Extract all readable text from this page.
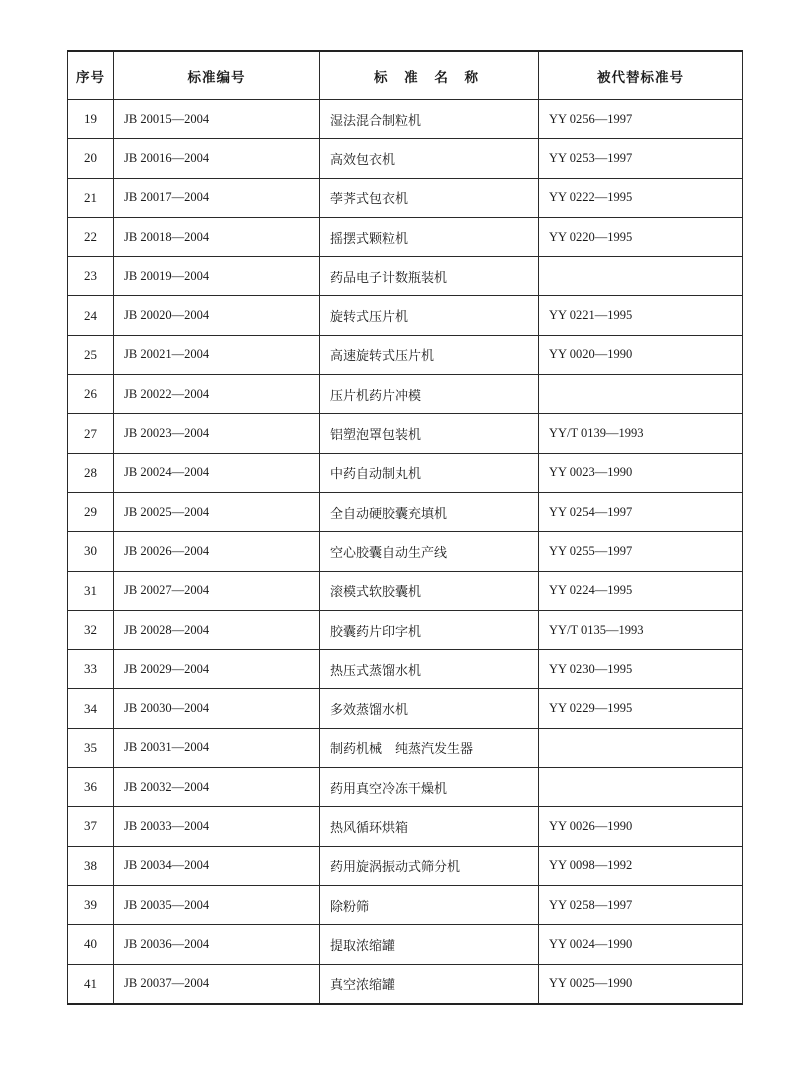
序号	标准编号	标 准 名 称	被代替标准号
19	JB 20015—2004	湿法混合制粒机	YY 0256—1997
20	JB 20016—2004	高效包衣机	YY 0253—1997
21	JB 20017—2004	荸荠式包衣机	YY 0222—1995
22	JB 20018—2004	摇摆式颗粒机	YY 0220—1995
23	JB 20019—2004	药品电子计数瓶装机	
24	JB 20020—2004	旋转式压片机	YY 0221—1995
25	JB 20021—2004	高速旋转式压片机	YY 0020—1990
26	JB 20022—2004	压片机药片冲模	
27	JB 20023—2004	铝塑泡罩包装机	YY/T 0139—1993
28	JB 20024—2004	中药自动制丸机	YY 0023—1990
29	JB 20025—2004	全自动硬胶囊充填机	YY 0254—1997
30	JB 20026—2004	空心胶囊自动生产线	YY 0255—1997
31	JB 20027—2004	滚模式软胶囊机	YY 0224—1995
32	JB 20028—2004	胶囊药片印字机	YY/T 0135—1993
33	JB 20029—2004	热压式蒸馏水机	YY 0230—1995
34	JB 20030—2004	多效蒸馏水机	YY 0229—1995
35	JB 20031—2004	制药机械　纯蒸汽发生器	
36	JB 20032—2004	药用真空冷冻干燥机	
37	JB 20033—2004	热风循环烘箱	YY 0026—1990
38	JB 20034—2004	药用旋涡振动式筛分机	YY 0098—1992
39	JB 20035—2004	除粉筛	YY 0258—1997
40	JB 20036—2004	提取浓缩罐	YY 0024—1990
41	JB 20037—2004	真空浓缩罐	YY 0025—1990
